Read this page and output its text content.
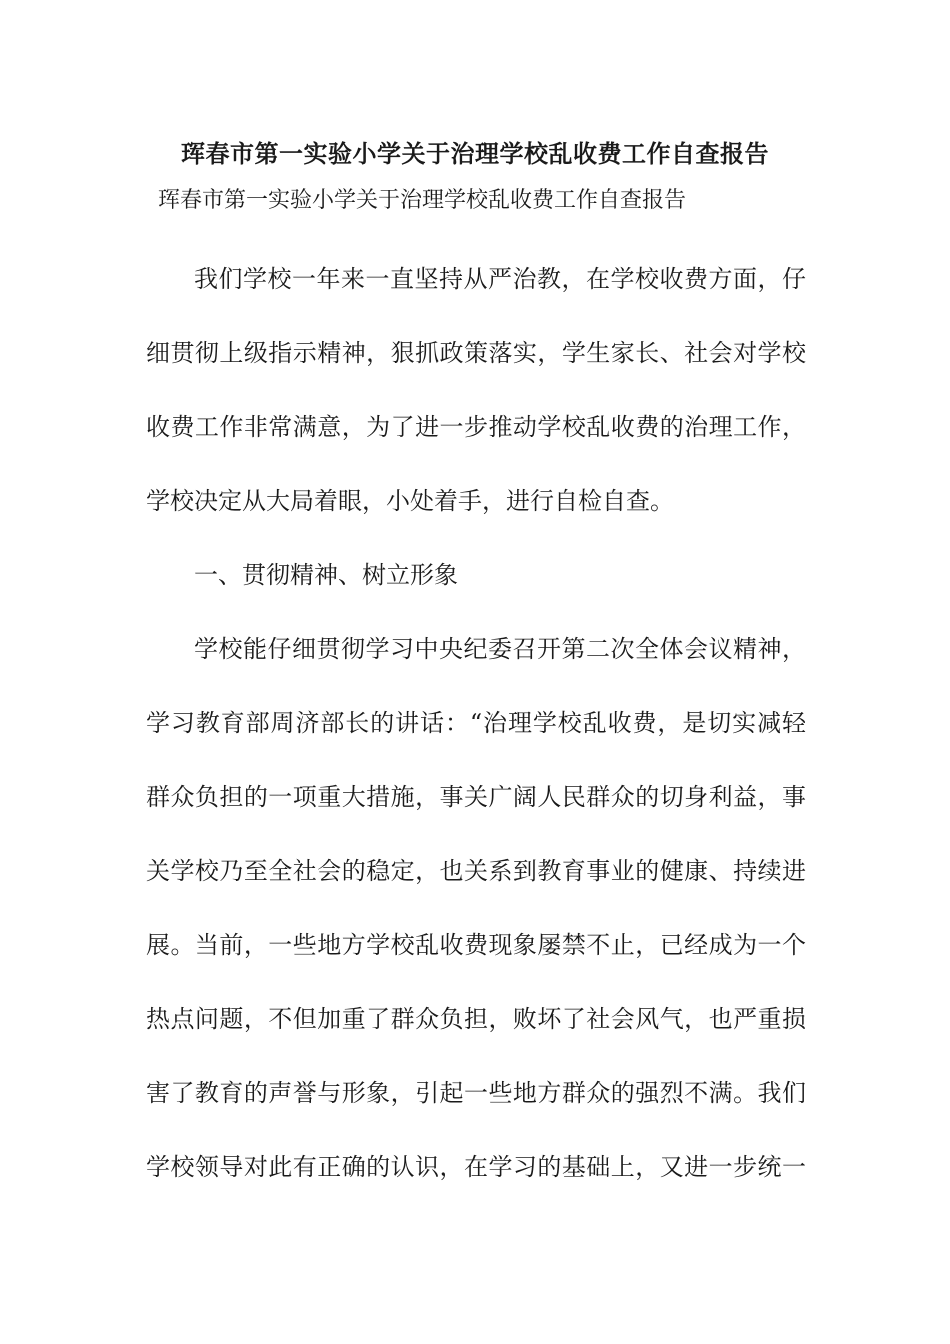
珲春市第一实验小学关于治理学校乱收费工作自查报告
珲春市第一实验小学关于治理学校乱收费工作自查报告
我们学校一年来一直坚持从严治教，在学校收费方面，仔
细贯彻上级指示精神，狠抓政策落实，学生家长、社会对学校
收费工作非常满意，为了进一步推动学校乱收费的治理工作，
学校决定从大局着眼，小处着手，进行自检自查。
一、贯彻精神、树立形象
学校能仔细贯彻学习中央纪委召开第二次全体会议精神，
学习教育部周济部长的讲话：“治理学校乱收费，是切实减轻
群众负担的一项重大措施，事关广阔人民群众的切身利益，事
关学校乃至全社会的稳定，也关系到教育事业的健康、持续进
展。当前，一些地方学校乱收费现象屡禁不止，已经成为一个
热点问题，不但加重了群众负担，败坏了社会风气，也严重损
害了教育的声誉与形象，引起一些地方群众的强烈不满。我们
学校领导对此有正确的认识，在学习的基础上，又进一步统一
